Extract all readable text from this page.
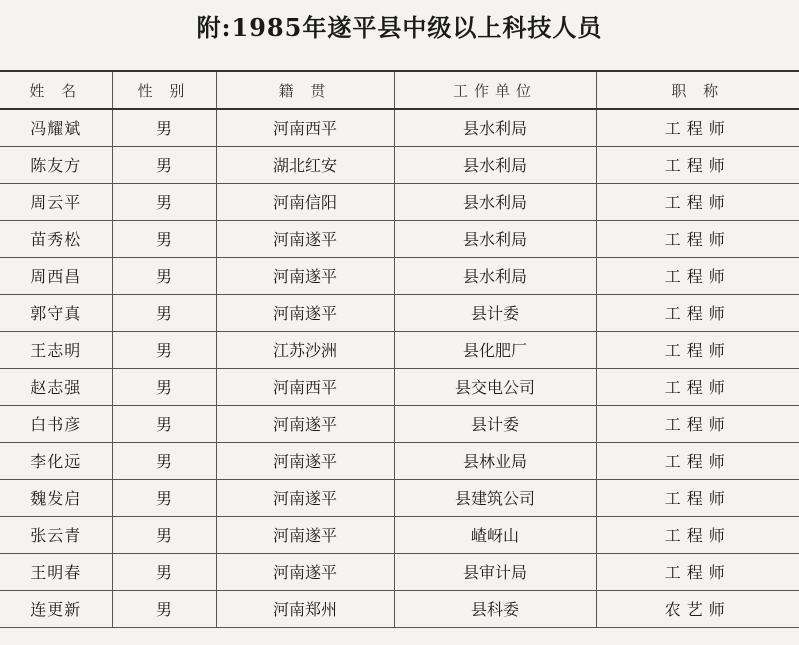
附:1985年遂平县中级以上科技人员
姓 名	性 别	籍 贯	工作单位	职 称
冯耀斌	男	河南西平	县水利局	工程师
陈友方	男	湖北红安	县水利局	工程师
周云平	男	河南信阳	县水利局	工程师
苗秀松	男	河南遂平	县水利局	工程师
周西昌	男	河南遂平	县水利局	工程师
郭守真	男	河南遂平	县计委	工程师
王志明	男	江苏沙洲	县化肥厂	工程师
赵志强	男	河南西平	县交电公司	工程师
白书彦	男	河南遂平	县计委	工程师
李化远	男	河南遂平	县林业局	工程师
魏发启	男	河南遂平	县建筑公司	工程师
张云青	男	河南遂平	嵖岈山	工程师
王明春	男	河南遂平	县审计局	工程师
连更新	男	河南郑州	县科委	农艺师
